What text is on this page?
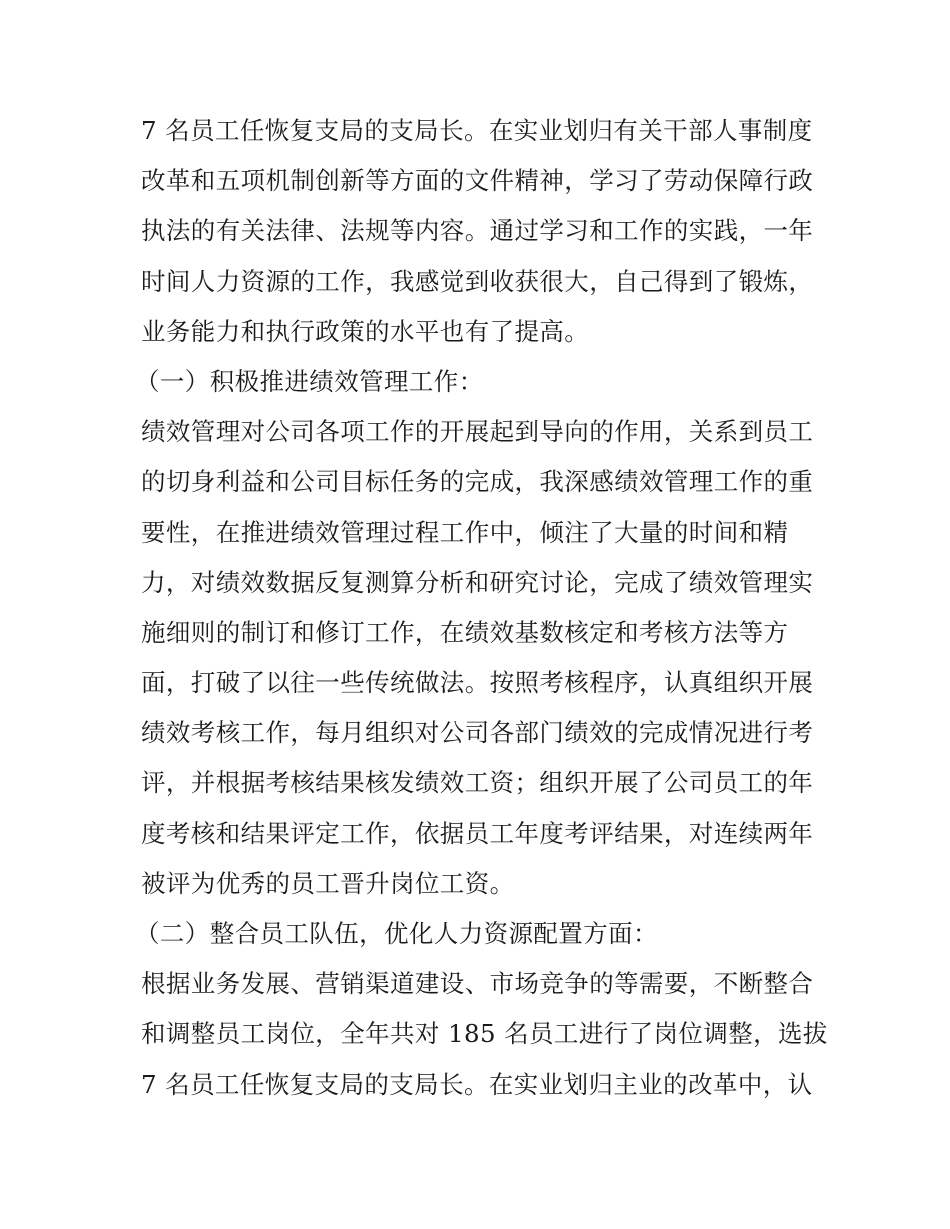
7 名员工任恢复支局的支局长。在实业划归有关干部人事制度
改革和五项机制创新等方面的文件精神，学习了劳动保障行政
执法的有关法律、法规等内容。通过学习和工作的实践，一年
时间人力资源的工作，我感觉到收获很大，自己得到了锻炼，
业务能力和执行政策的水平也有了提高。
（一）积极推进绩效管理工作：
绩效管理对公司各项工作的开展起到导向的作用，关系到员工
的切身利益和公司目标任务的完成，我深感绩效管理工作的重
要性，在推进绩效管理过程工作中，倾注了大量的时间和精
力，对绩效数据反复测算分析和研究讨论，完成了绩效管理实
施细则的制订和修订工作，在绩效基数核定和考核方法等方
面，打破了以往一些传统做法。按照考核程序，认真组织开展
绩效考核工作，每月组织对公司各部门绩效的完成情况进行考
评，并根据考核结果核发绩效工资；组织开展了公司员工的年
度考核和结果评定工作，依据员工年度考评结果，对连续两年
被评为优秀的员工晋升岗位工资。
（二）整合员工队伍，优化人力资源配置方面：
根据业务发展、营销渠道建设、市场竞争的等需要，不断整合
和调整员工岗位，全年共对 185 名员工进行了岗位调整，选拔
7 名员工任恢复支局的支局长。在实业划归主业的改革中，认
